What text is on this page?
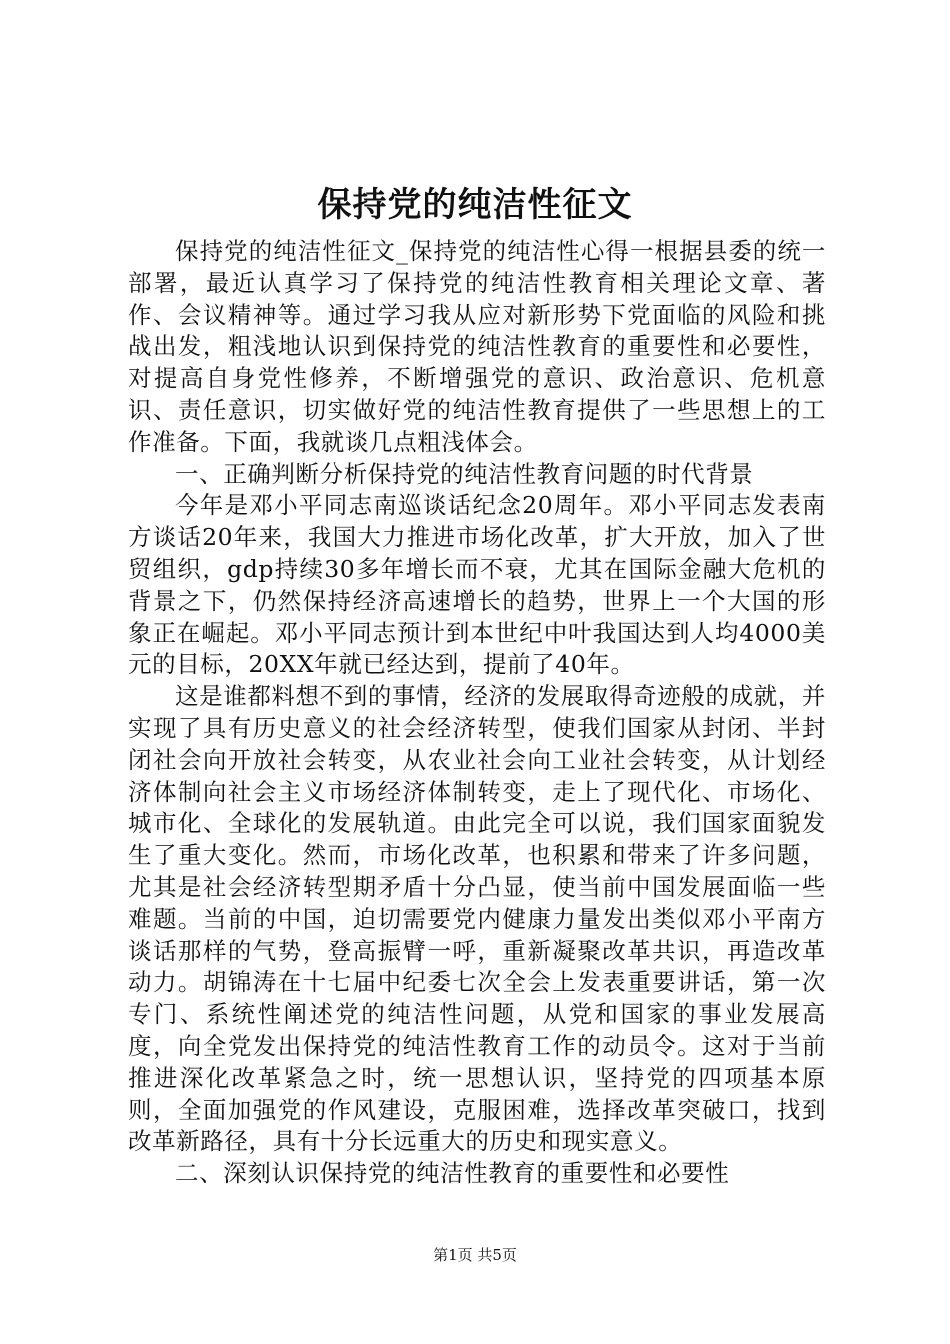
保持党的纯洁性征文

保持党的纯洁性征文_保持党的纯洁性心得一根据县委的统一部署，最近认真学习了保持党的纯洁性教育相关理论文章、著作、会议精神等。通过学习我从应对新形势下党面临的风险和挑战出发，粗浅地认识到保持党的纯洁性教育的重要性和必要性，对提高自身党性修养，不断增强党的意识、政治意识、危机意识、责任意识，切实做好党的纯洁性教育提供了一些思想上的工作准备。下面，我就谈几点粗浅体会。

一、正确判断分析保持党的纯洁性教育问题的时代背景

今年是邓小平同志南巡谈话纪念20周年。邓小平同志发表南方谈话20年来，我国大力推进市场化改革，扩大开放，加入了世贸组织，gdp持续30多年增长而不衰，尤其在国际金融大危机的背景之下，仍然保持经济高速增长的趋势，世界上一个大国的形象正在崛起。邓小平同志预计到本世纪中叶我国达到人均4000美元的目标，20XX年就已经达到，提前了40年。

这是谁都料想不到的事情，经济的发展取得奇迹般的成就，并实现了具有历史意义的社会经济转型，使我们国家从封闭、半封闭社会向开放社会转变，从农业社会向工业社会转变，从计划经济体制向社会主义市场经济体制转变，走上了现代化、市场化、城市化、全球化的发展轨道。由此完全可以说，我们国家面貌发生了重大变化。然而，市场化改革，也积累和带来了许多问题，尤其是社会经济转型期矛盾十分凸显，使当前中国发展面临一些难题。当前的中国，迫切需要党内健康力量发出类似邓小平南方谈话那样的气势，登高振臂一呼，重新凝聚改革共识，再造改革动力。胡锦涛在十七届中纪委七次全会上发表重要讲话，第一次专门、系统性阐述党的纯洁性问题，从党和国家的事业发展高度，向全党发出保持党的纯洁性教育工作的动员令。这对于当前推进深化改革紧急之时，统一思想认识，坚持党的四项基本原则，全面加强党的作风建设，克服困难，选择改革突破口，找到改革新路径，具有十分长远重大的历史和现实意义。

二、深刻认识保持党的纯洁性教育的重要性和必要性

第1页 共5页
